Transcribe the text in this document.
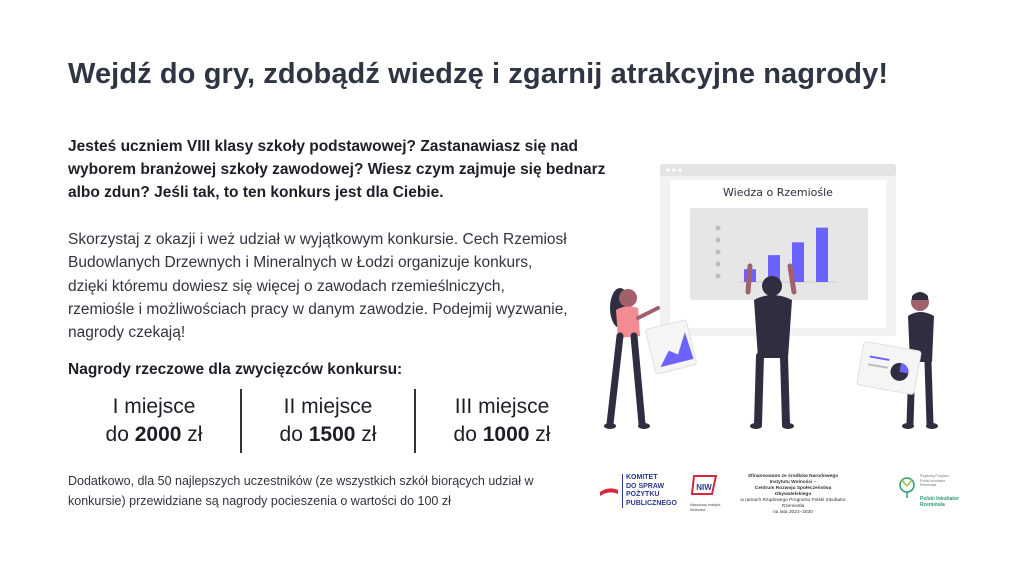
Wejdź do gry, zdobądź wiedzę i zgarnij atrakcyjne nagrody!

Jesteś uczniem VIII klasy szkoły podstawowej? Zastanawiasz się nad wyborem branżowej szkoły zawodowej? Wiesz czym zajmuje się bednarz albo zdun? Jeśli tak, to ten konkurs jest dla Ciebie.

Skorzystaj z okazji i weż udział w wyjątkowym konkursie. Cech Rzemiosł Budowlanych Drzewnych i Mineralnych w Łodzi organizuje konkurs, dzięki któremu dowiesz się więcej o zawodach rzemieślniczych, rzemiośle i możliwościach pracy w danym zawodzie. Podejmij wyzwanie, nagrody czekają!

Nagrody rzeczowe dla zwycięzców konkursu:
I miejsce
do 2000 zł
II miejsce
do 1500 zł
III miejsce
do 1000 zł

Dodatkowo, dla 50 najlepszych uczestników (ze wszystkich szkół biorących udział w konkursie) przewidziane są nagrody pocieszenia o wartości do 100 zł

Wiedza o Rzemiośle
KOMITET
DO SPRAW
POŻYTKU
PUBLICZNEGO
NIW
Narodowy Instytut Wolności
Sfinansowano ze środków Narodowego Instytutu Wolności –
Centrum Rozwoju Społeczeństwa Obywatelskiego
w ramach Rządowego Programu Polski Inkubator Rzemiosła
na lata 2021–2030
Rządowy Program
Polski Inkubator
Rzemiosła
Polski Inkubator
Rzemiosła
